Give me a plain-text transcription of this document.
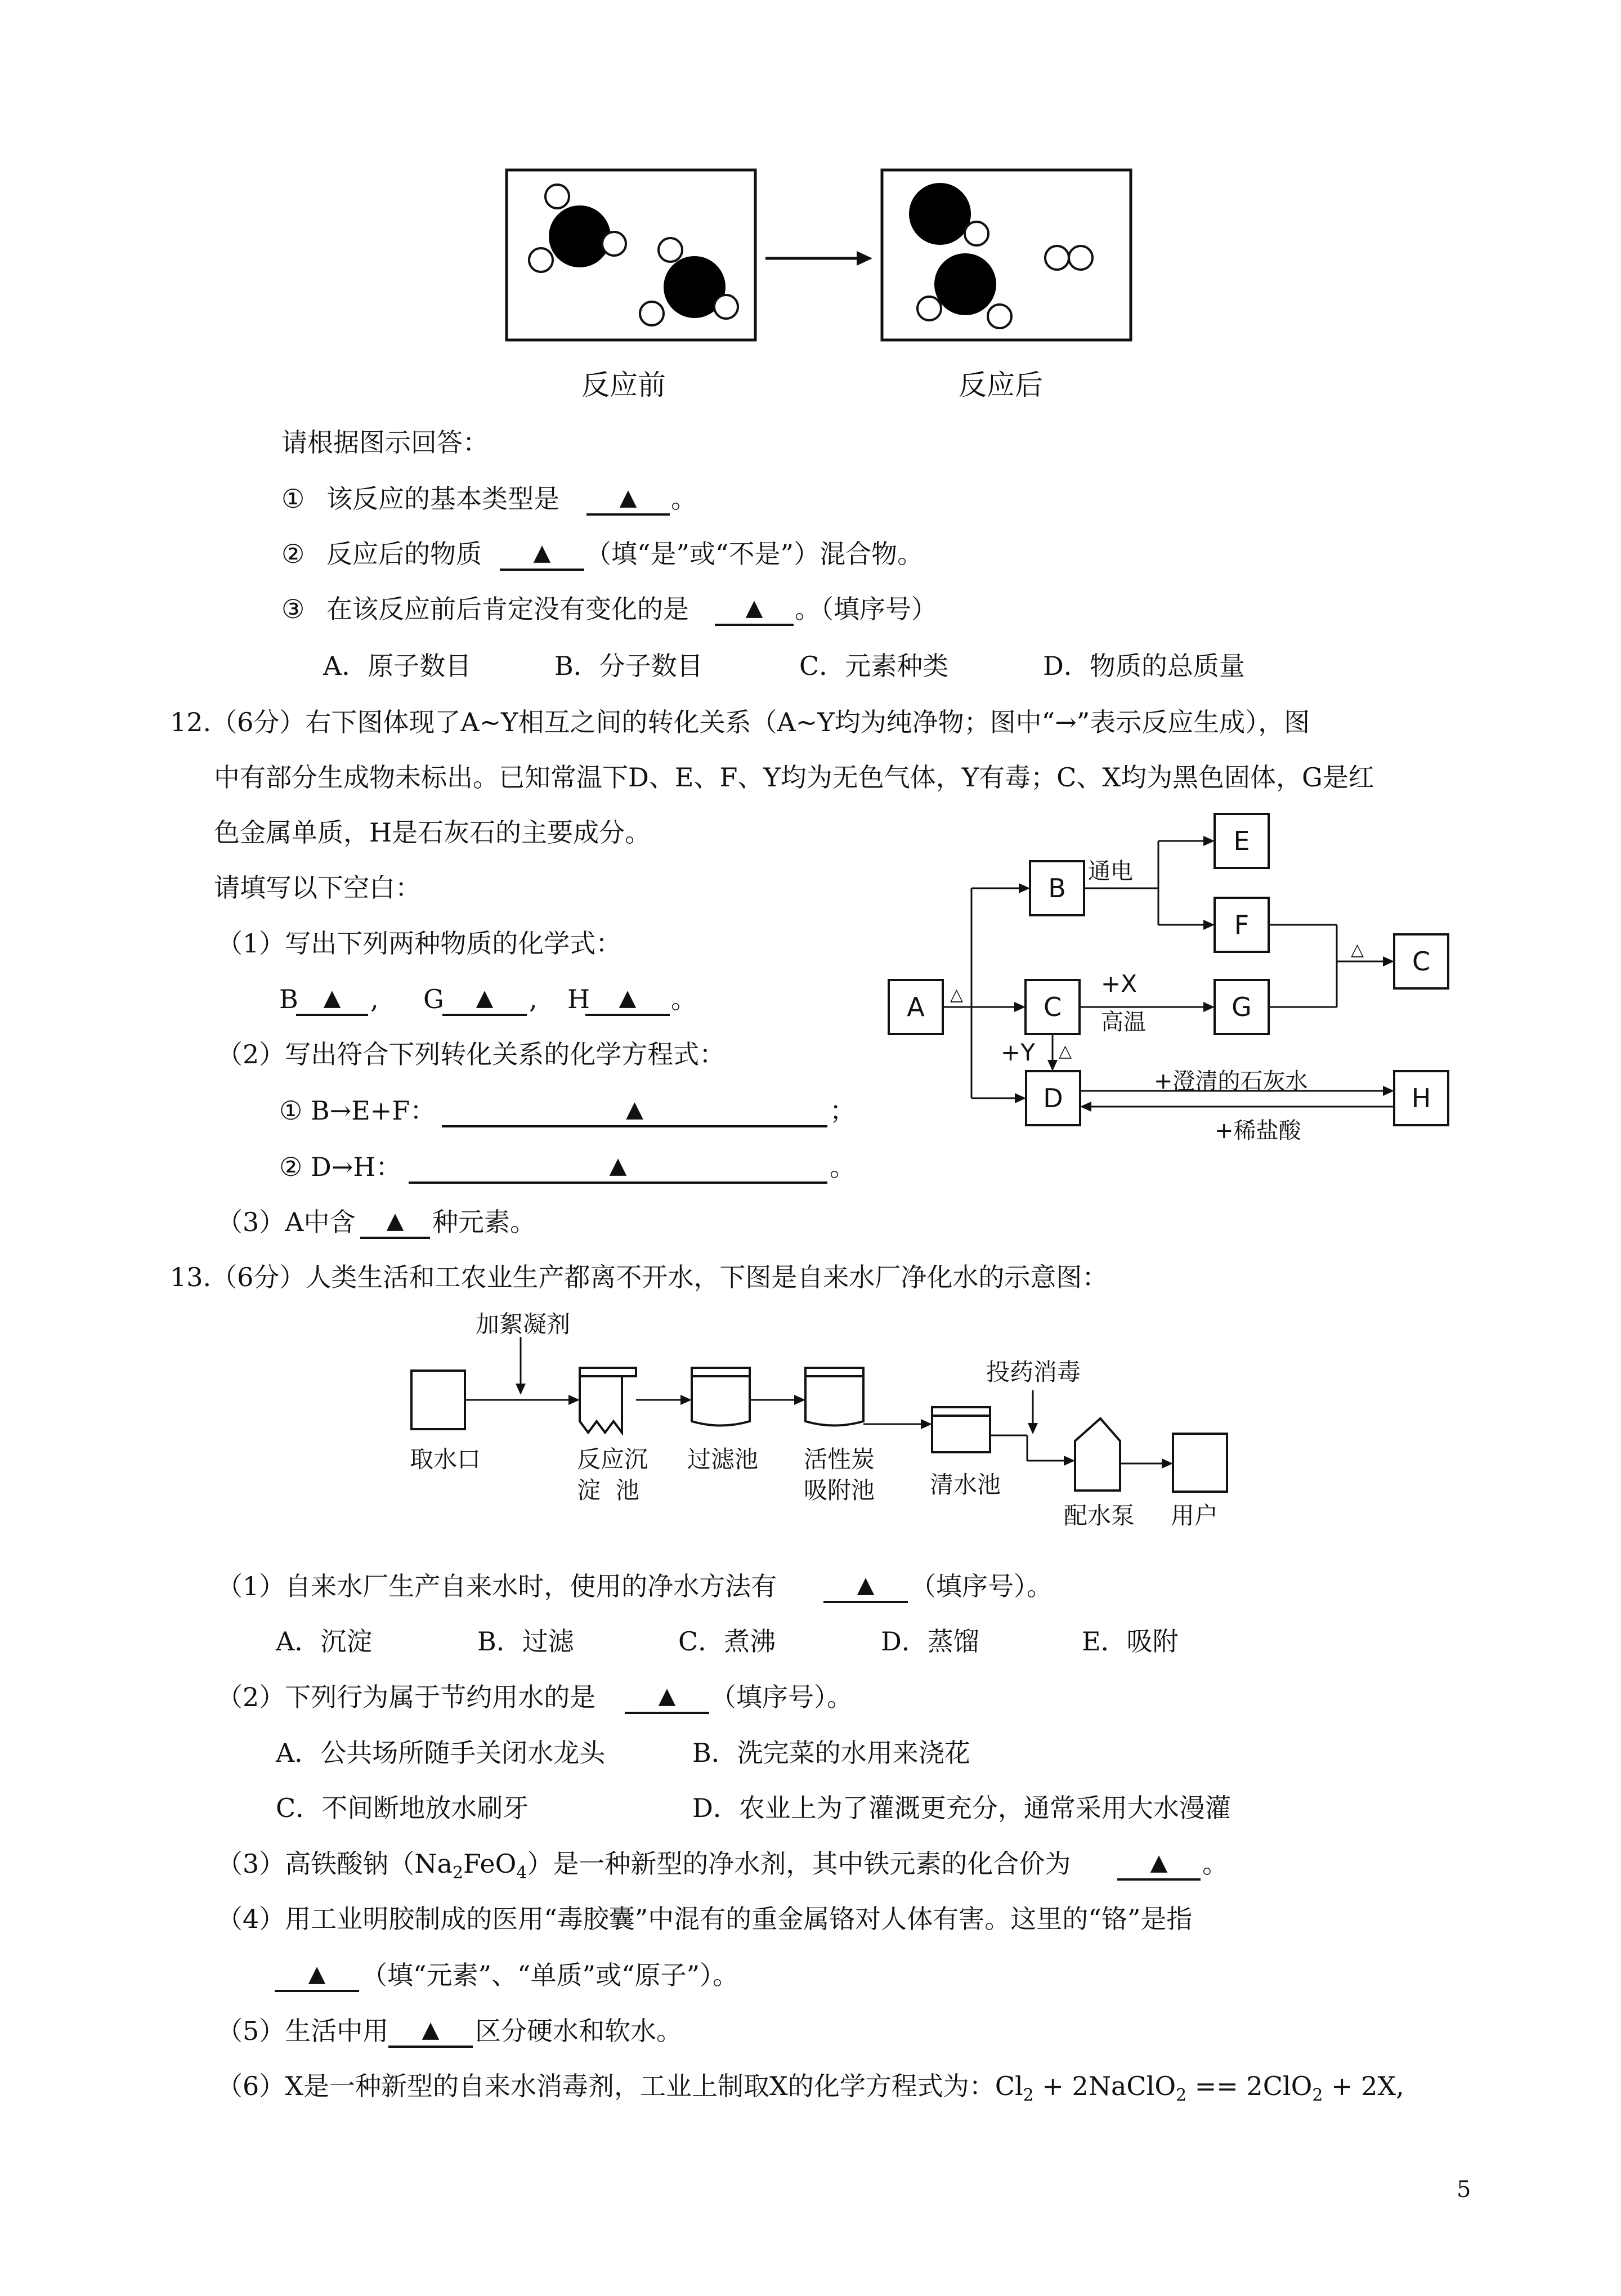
反应前	反应后
请根据图示回答：
① 该反应的基本类型是	▲	。
② 反应后的物质	▲	（填“是”或“不是”）混合物。
③ 在该反应前后肯定没有变化的是	▲	。（填序号）
A．原子数目	B．分子数目	C．元素种类	D．物质的总质量
12.（6分）右下图体现了A~Y相互之间的转化关系（A~Y均为纯净物；图中“→”表示反应生成），图
中有部分生成物未标出。已知常温下D、E、F、Y均为无色气体，Y有毒；C、X均为黑色固体，G是红
色金属单质，H是石灰石的主要成分。
请填写以下空白：
（1）写出下列两种物质的化学式：
B	▲	, G	▲	, H	▲	。
（2）写出符合下列转化关系的化学方程式：
① B→E+F：	▲	；
② D→H：	▲	。
（3）A中含	▲	种元素。
A
B
C
D
E
F
G
H
C
通电
△	+X
高温
+Y △
△
+澄清的石灰水
+稀盐酸
13.（6分）人类生活和工农业生产都离不开水，下图是自来水厂净化水的示意图：
加絮凝剂
投药消毒
取水口	反应沉
淀  池
过滤池 活性炭
吸附池 清水池
配水泵 用户
（1）自来水厂生产自来水时，使用的净水方法有	▲	（填序号）。
A．沉淀	B．过滤	C．煮沸	D．蒸馏	E．吸附
（2）下列行为属于节约用水的是	▲	（填序号）。
A．公共场所随手关闭水龙头	B．洗完菜的水用来浇花
C．不间断地放水刷牙	D．农业上为了灌溉更充分，通常采用大水漫灌
（3）高铁酸钠$(Na_2FeO_4)$是一种新型的净水剂，其中铁元素的化合价为	▲	。
（4）用工业明胶制成的医用“毒胶囊”中混有的重金属铬对人体有害。这里的“铬”是指
▲	（填“元素”、“单质”或“原子”）。
（5）生活中用	▲	区分硬水和软水。
（6）X是一种新型的自来水消毒剂，工业上制取X的化学方程式为：$Cl_2$ + 2NaClO$_2$ == 2ClO$_2$ + 2X,
5
